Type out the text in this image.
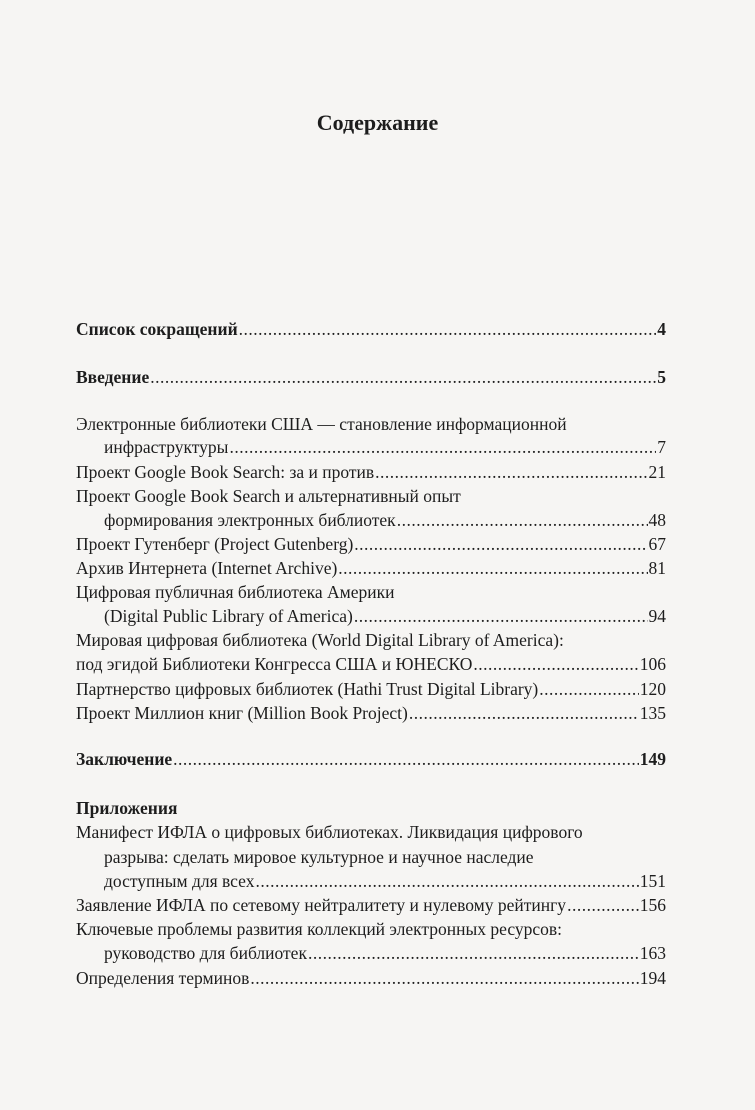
Содержание
Список сокращений .....	4
Введение .....	5
Электронные библиотеки США — становление информационной
инфраструктуры .....	7
Проект Google Book Search: за и против .....	21
Проект Google Book Search и альтернативный опыт
формирования электронных библиотек .....	48
Проект Гутенберг (Project Gutenberg) .....	67
Архив Интернета (Internet Archive) .....	81
Цифровая публичная библиотека Америки
(Digital Public Library of America) .....	94
Мировая цифровая библиотека (World Digital Library of America):
под эгидой Библиотеки Конгресса США и ЮНЕСКО .....	106
Партнерство цифровых библиотек (Hathi Trust Digital Library) .....	120
Проект Миллион книг (Million Book Project) .....	135
Заключение .....	149
Приложения
Манифест ИФЛА о цифровых библиотеках. Ликвидация цифрового
разрыва: сделать мировое культурное и научное наследие
доступным для всех .....	151
Заявление ИФЛА по сетевому нейтралитету и нулевому рейтингу .....	156
Ключевые проблемы развития коллекций электронных ресурсов:
руководство для библиотек .....	163
Определения терминов .....	194
